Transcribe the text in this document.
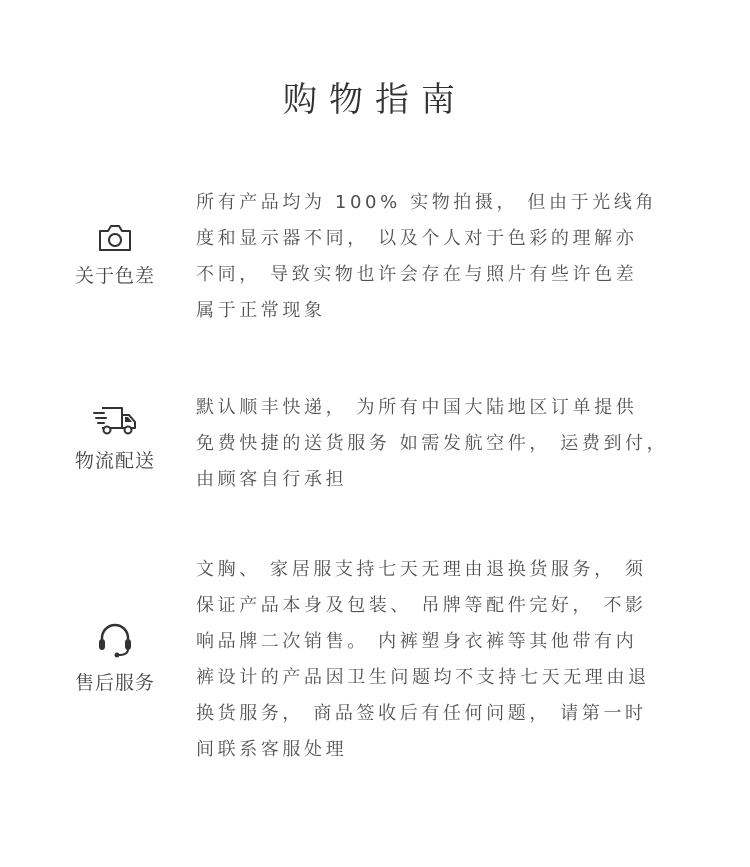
购物指南
关于色差
所有产品均为 100% 实物拍摄， 但由于光线角
度和显示器不同， 以及个人对于色彩的理解亦
不同， 导致实物也许会存在与照片有些许色差
属于正常现象
物流配送
默认顺丰快递， 为所有中国大陆地区订单提供
免费快捷的送货服务 如需发航空件， 运费到付，
由顾客自行承担
售后服务
文胸、 家居服支持七天无理由退换货服务， 须
保证产品本身及包装、 吊牌等配件完好， 不影
响品牌二次销售。 内裤塑身衣裤等其他带有内
裤设计的产品因卫生问题均不支持七天无理由退
换货服务， 商品签收后有任何问题， 请第一时
间联系客服处理
